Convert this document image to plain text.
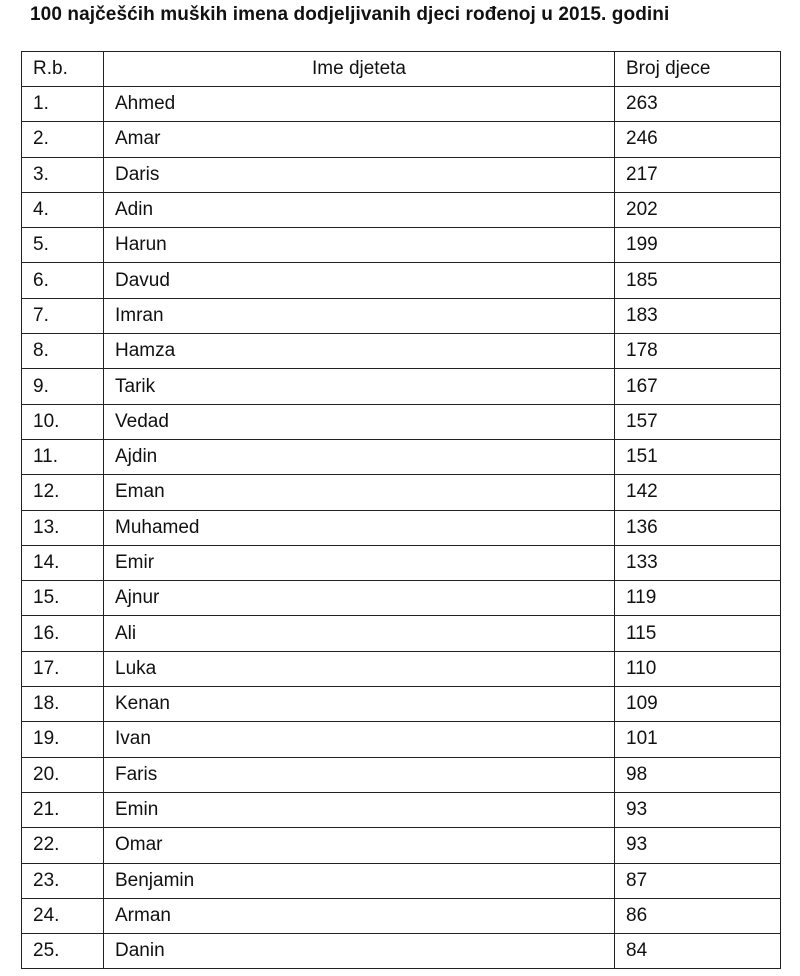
100 najčešćih muških imena dodjeljivanih djeci rođenoj u 2015. godini
R.b.	Ime djeteta	Broj djece
1.	Ahmed	263
2.	Amar	246
3.	Daris	217
4.	Adin	202
5.	Harun	199
6.	Davud	185
7.	Imran	183
8.	Hamza	178
9.	Tarik	167
10.	Vedad	157
11.	Ajdin	151
12.	Eman	142
13.	Muhamed	136
14.	Emir	133
15.	Ajnur	119
16.	Ali	115
17.	Luka	110
18.	Kenan	109
19.	Ivan	101
20.	Faris	98
21.	Emin	93
22.	Omar	93
23.	Benjamin	87
24.	Arman	86
25.	Danin	84
